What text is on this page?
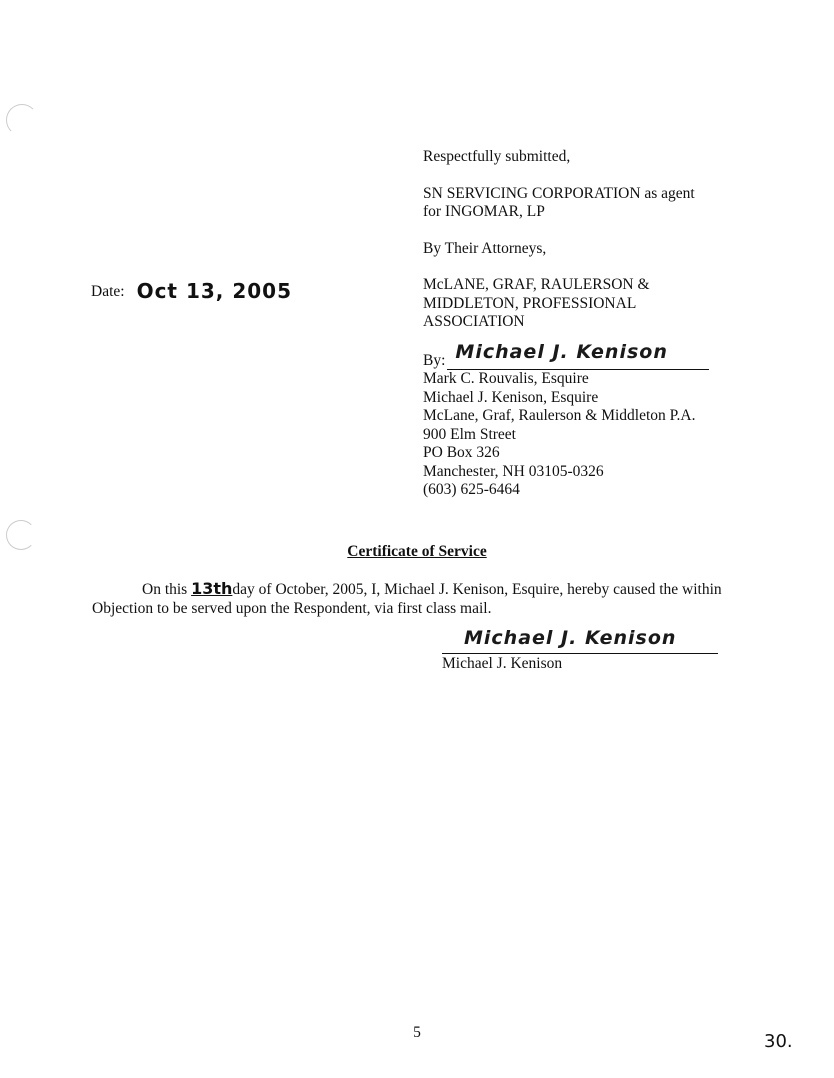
Respectfully submitted,
SN SERVICING CORPORATION as agent
for INGOMAR, LP
By Their Attorneys,
McLANE, GRAF, RAULERSON &
MIDDLETON, PROFESSIONAL
ASSOCIATION
By: Michael J. Kenison
Mark C. Rouvalis, Esquire
Michael J. Kenison, Esquire
McLane, Graf, Raulerson & Middleton P.A.
900 Elm Street
PO Box 326
Manchester, NH 03105-0326
(603) 625-6464
Date: Oct 13, 2005
Certificate of Service
On this 13thday of October, 2005, I, Michael J. Kenison, Esquire, hereby caused the within Objection to be served upon the Respondent, via first class mail.
Michael J. Kenison
Michael J. Kenison
5	30.
